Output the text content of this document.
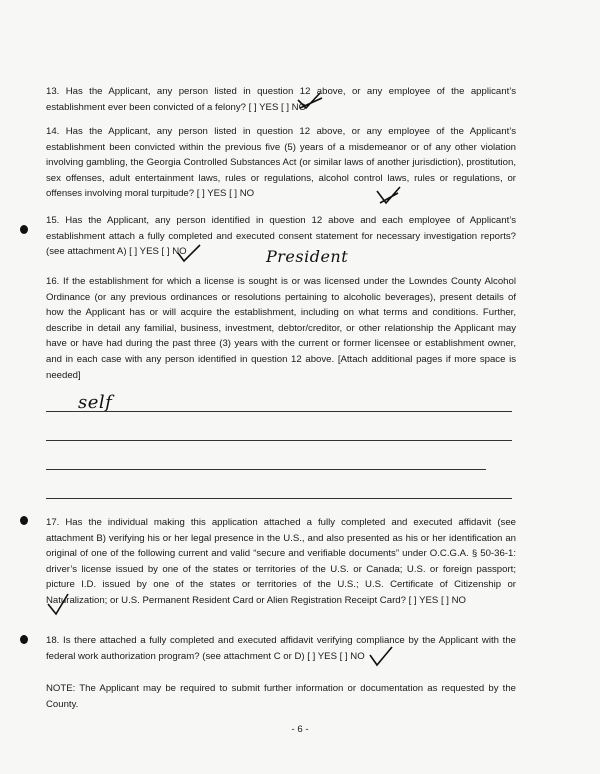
13. Has the Applicant, any person listed in question 12 above, or any employee of the applicant’s establishment ever been convicted of a felony? [ ] YES [ ] NO

14. Has the Applicant, any person listed in question 12 above, or any employee of the Applicant’s establishment been convicted within the previous five (5) years of a misdemeanor or of any other violation involving gambling, the Georgia Controlled Substances Act (or similar laws of another jurisdiction), prostitution, sex offenses, adult entertainment laws, rules or regulations, alcohol control laws, rules or regulations, or offenses involving moral turpitude? [ ] YES [ ] NO

15. Has the Applicant, any person identified in question 12 above and each employee of Applicant’s establishment attach a fully completed and executed consent statement for necessary investigation reports? (see attachment A) [ ] YES [ ] NO	President

16. If the establishment for which a license is sought is or was licensed under the Lowndes County Alcohol Ordinance (or any previous ordinances or resolutions pertaining to alcoholic beverages), present details of how the Applicant has or will acquire the establishment, including on what terms and conditions. Further, describe in detail any familial, business, investment, debtor/creditor, or other relationship the Applicant may have or have had during the past three (3) years with the current or former licensee or establishment owner, and in each case with any person identified in question 12 above. [Attach additional pages if more space is needed]

self

17. Has the individual making this application attached a fully completed and executed affidavit (see attachment B) verifying his or her legal presence in the U.S., and also presented as his or her identification an original of one of the following current and valid “secure and verifiable documents” under O.C.G.A. § 50-36-1: driver’s license issued by one of the states or territories of the U.S. or Canada; U.S. or foreign passport; picture I.D. issued by one of the states or territories of the U.S.; U.S. Certificate of Citizenship or Naturalization; or U.S. Permanent Resident Card or Alien Registration Receipt Card? [ ] YES [ ] NO

18. Is there attached a fully completed and executed affidavit verifying compliance by the Applicant with the federal work authorization program? (see attachment C or D) [ ] YES [ ] NO

NOTE: The Applicant may be required to submit further information or documentation as requested by the County.

- 6 -
